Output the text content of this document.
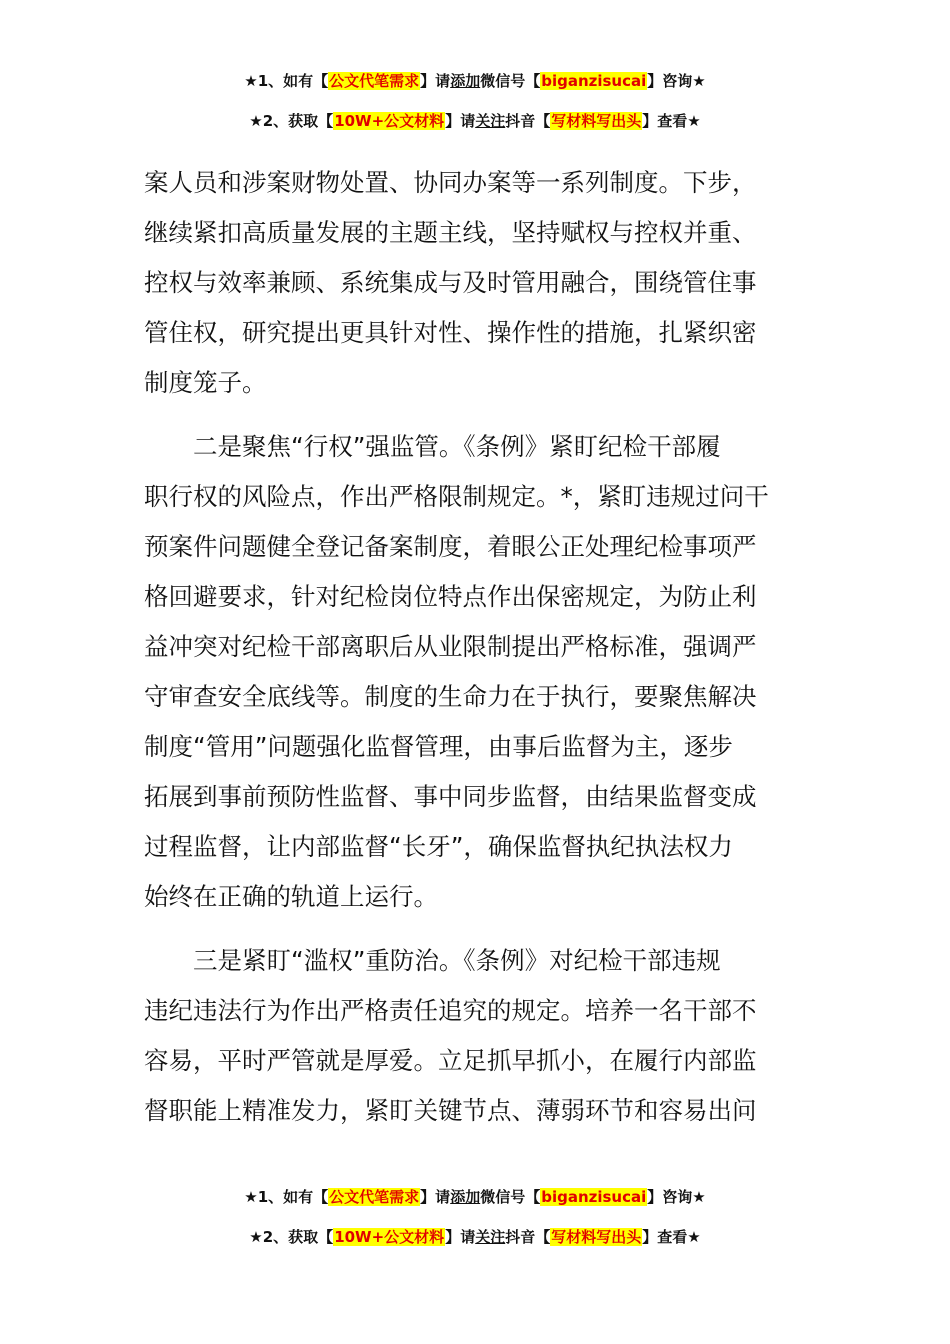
★1、如有【公文代笔需求】请添加微信号【biganzisucai】咨询★
★2、获取【10W+公文材料】请关注抖音【写材料写出头】查看★

案人员和涉案财物处置、协同办案等一系列制度。下步，

继续紧扣高质量发展的主题主线，坚持赋权与控权并重、

控权与效率兼顾、系统集成与及时管用融合，围绕管住事

管住权，研究提出更具针对性、操作性的措施，扎紧织密

制度笼子。

　　二是聚焦“行权”强监管。《条例》紧盯纪检干部履

职行权的风险点，作出严格限制规定。*，紧盯违规过问干

预案件问题健全登记备案制度，着眼公正处理纪检事项严

格回避要求，针对纪检岗位特点作出保密规定，为防止利

益冲突对纪检干部离职后从业限制提出严格标准，强调严

守审查安全底线等。制度的生命力在于执行，要聚焦解决

制度“管用”问题强化监督管理，由事后监督为主，逐步

拓展到事前预防性监督、事中同步监督，由结果监督变成

过程监督，让内部监督“长牙”，确保监督执纪执法权力

始终在正确的轨道上运行。

　　三是紧盯“滥权”重防治。《条例》对纪检干部违规

违纪违法行为作出严格责任追究的规定。培养一名干部不

容易，平时严管就是厚爱。立足抓早抓小，在履行内部监

督职能上精准发力，紧盯关键节点、薄弱环节和容易出问

★1、如有【公文代笔需求】请添加微信号【biganzisucai】咨询★
★2、获取【10W+公文材料】请关注抖音【写材料写出头】查看★
